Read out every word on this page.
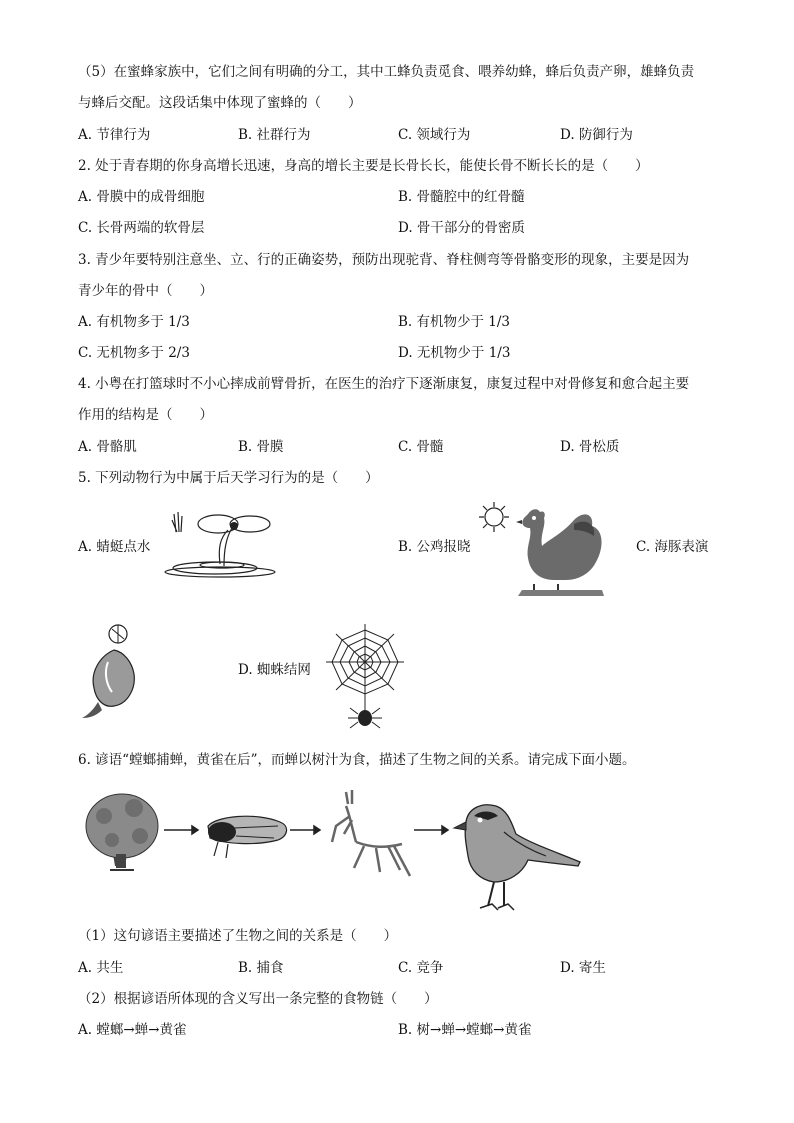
（5）在蜜蜂家族中，它们之间有明确的分工，其中工蜂负责觅食、喂养幼蜂，蜂后负责产卵，雄蜂负责
与蜂后交配。这段话集中体现了蜜蜂的（　　）
A. 节律行为	B. 社群行为	C. 领域行为	D. 防御行为
2. 处于青春期的你身高增长迅速，身高的增长主要是长骨长长，能使长骨不断长长的是（　　）
A. 骨膜中的成骨细胞	B. 骨髓腔中的红骨髓
C. 长骨两端的软骨层	D. 骨干部分的骨密质
3. 青少年要特别注意坐、立、行的正确姿势，预防出现驼背、脊柱侧弯等骨骼变形的现象，主要是因为
青少年的骨中（　　）
A. 有机物多于 1/3	B. 有机物少于 1/3
C. 无机物多于 2/3	D. 无机物少于 1/3
4. 小粤在打篮球时不小心摔成前臂骨折，在医生的治疗下逐渐康复，康复过程中对骨修复和愈合起主要
作用的结构是（　　）
A. 骨骼肌	B. 骨膜	C. 骨髓	D. 骨松质
5. 下列动物行为中属于后天学习行为的是（　　）
A. 蜻蜓点水	B. 公鸡报晓	C. 海豚表演
D. 蜘蛛结网
6. 谚语“螳螂捕蝉，黄雀在后”，而蝉以树汁为食，描述了生物之间的关系。请完成下面小题。
（1）这句谚语主要描述了生物之间的关系是（　　）
A. 共生	B. 捕食	C. 竞争	D. 寄生
（2）根据谚语所体现的含义写出一条完整的食物链（　　）
A. 螳螂→蝉→黄雀	B. 树→蝉→螳螂→黄雀
